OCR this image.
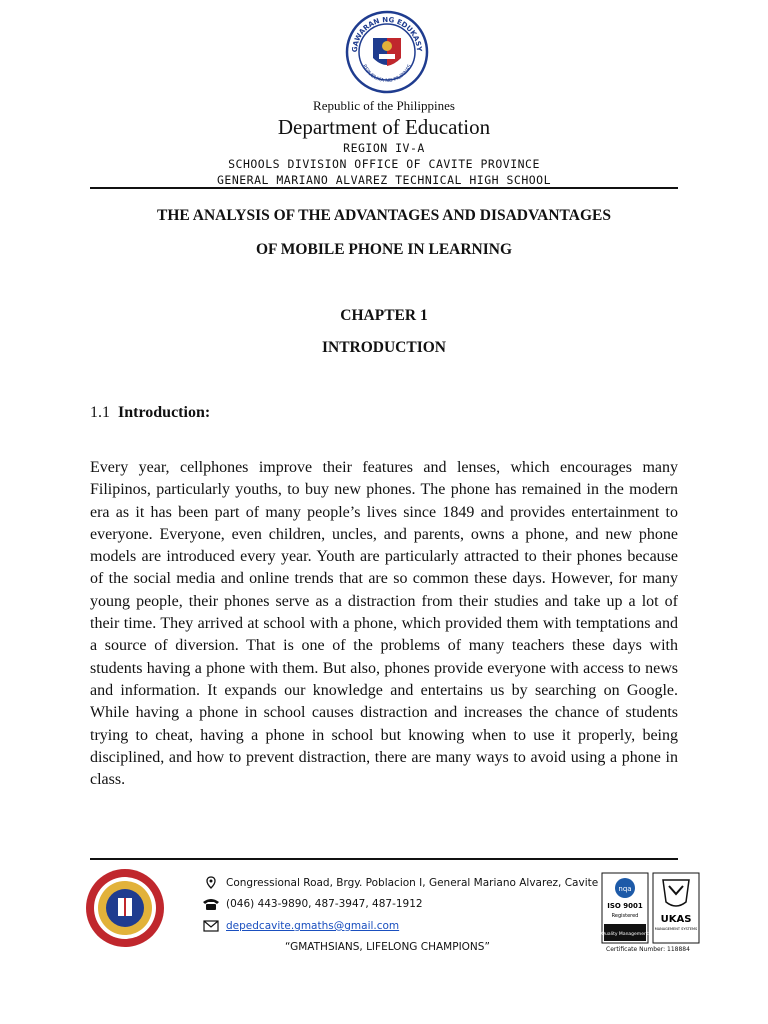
GAWARAN NG EDUKASY
REPUBLIKA NG PILIPINAS
Republic of the Philippines
Department of Education
REGION IV-A
SCHOOLS DIVISION OFFICE OF CAVITE PROVINCE
GENERAL MARIANO ALVAREZ TECHNICAL HIGH SCHOOL
THE ANALYSIS OF THE ADVANTAGES AND DISADVANTAGES
OF MOBILE PHONE IN LEARNING
CHAPTER 1
INTRODUCTION
1.1 Introduction:

Every year, cellphones improve their features and lenses, which encourages many Filipinos, particularly youths, to buy new phones. The phone has remained in the modern era as it has been part of many people’s lives since 1849 and provides entertainment to everyone. Everyone, even children, uncles, and parents, owns a phone, and new phone models are introduced every year. Youth are particularly attracted to their phones because of the social media and online trends that are so common these days. However, for many young people, their phones serve as a distraction from their studies and take up a lot of their time. They arrived at school with a phone, which provided them with temptations and a source of diversion. That is one of the problems of many teachers these days with students having a phone with them. But also, phones provide everyone with access to news and information. It expands our knowledge and entertains us by searching on Google. While having a phone in school causes distraction and increases the chance of students trying to cheat, having a phone in school but knowing when to use it properly, being disciplined, and how to prevent distraction, there are many ways to avoid using a phone in class.

Congressional Road, Brgy. Poblacion I, General Mariano Alvarez, Cavite
(046) 443-9890, 487-3947, 487-1912
depedcavite.gmaths@gmail.com
“GMATHSIANS, LIFELONG CHAMPIONS”
nqa
ISO 9001
Registered
Quality Management
UKAS
MANAGEMENT SYSTEMS
Certificate Number: 118884
